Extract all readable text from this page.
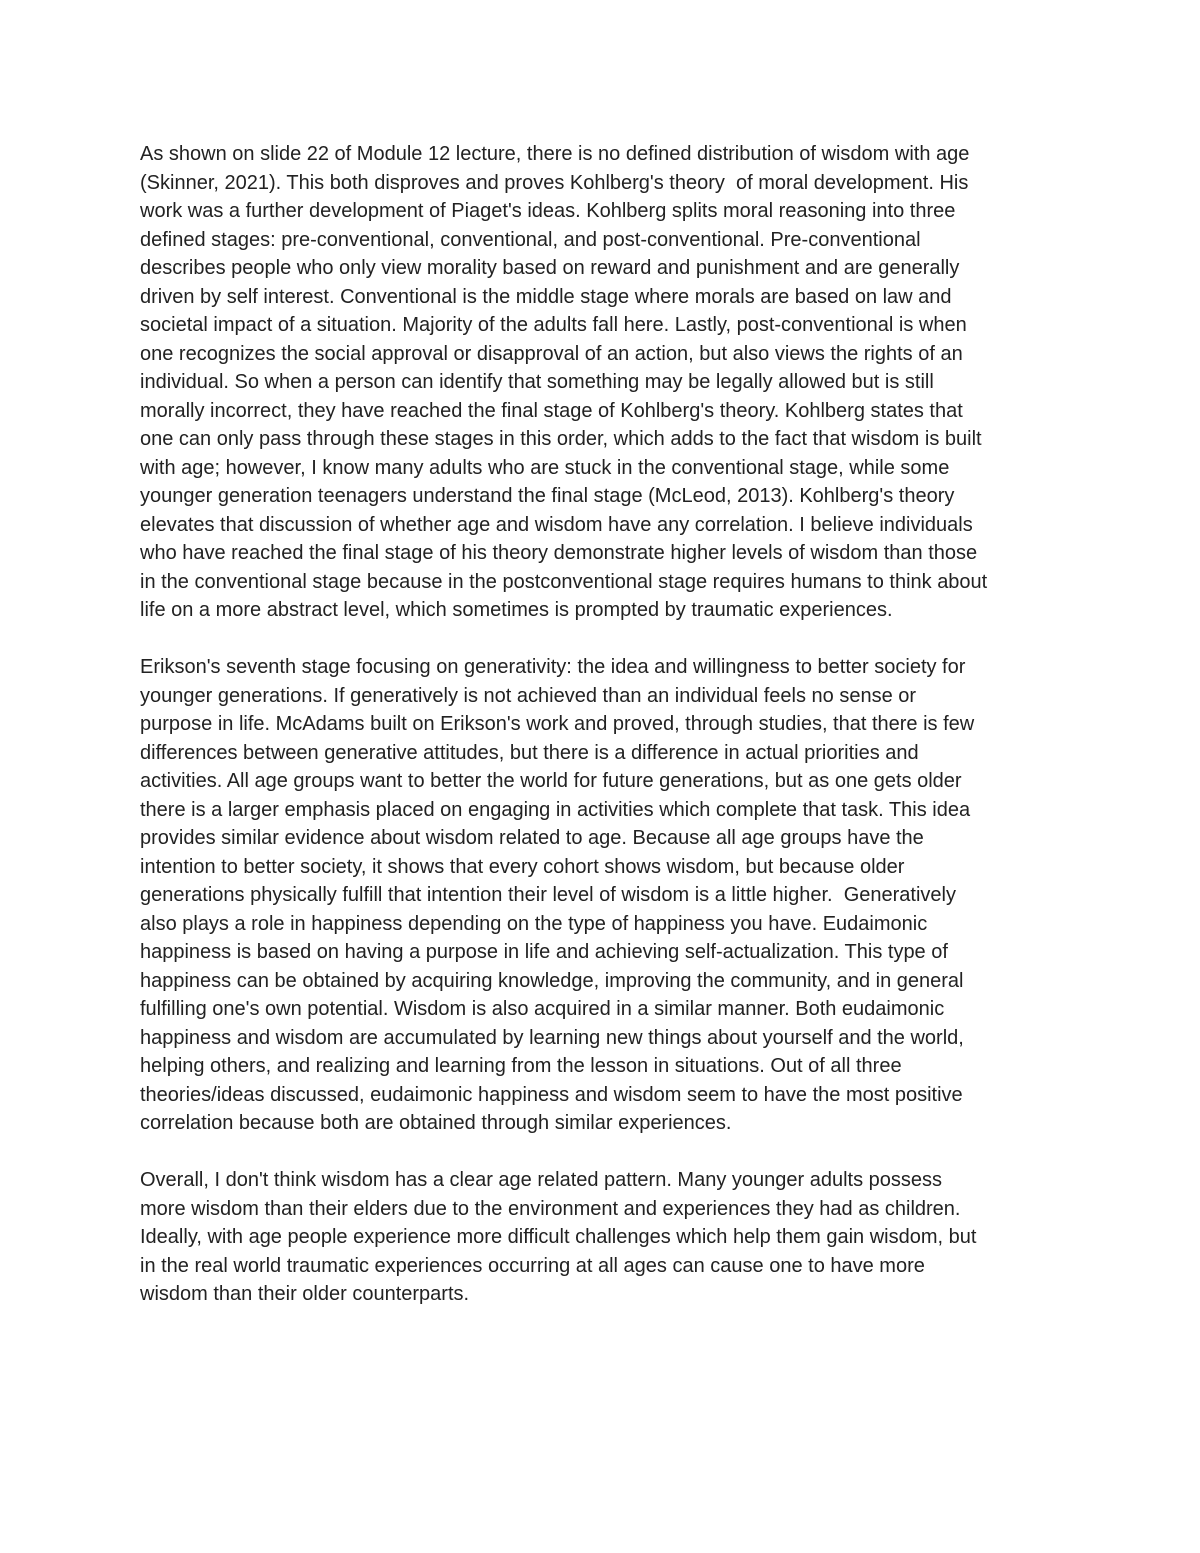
As shown on slide 22 of Module 12 lecture, there is no defined distribution of wisdom with age
(Skinner, 2021). This both disproves and proves Kohlberg's theory  of moral development. His
work was a further development of Piaget's ideas. Kohlberg splits moral reasoning into three
defined stages: pre-conventional, conventional, and post-conventional. Pre-conventional
describes people who only view morality based on reward and punishment and are generally
driven by self interest. Conventional is the middle stage where morals are based on law and
societal impact of a situation. Majority of the adults fall here. Lastly, post-conventional is when
one recognizes the social approval or disapproval of an action, but also views the rights of an
individual. So when a person can identify that something may be legally allowed but is still
morally incorrect, they have reached the final stage of Kohlberg's theory. Kohlberg states that
one can only pass through these stages in this order, which adds to the fact that wisdom is built
with age; however, I know many adults who are stuck in the conventional stage, while some
younger generation teenagers understand the final stage (McLeod, 2013). Kohlberg's theory
elevates that discussion of whether age and wisdom have any correlation. I believe individuals
who have reached the final stage of his theory demonstrate higher levels of wisdom than those
in the conventional stage because in the postconventional stage requires humans to think about
life on a more abstract level, which sometimes is prompted by traumatic experiences.
Erikson's seventh stage focusing on generativity: the idea and willingness to better society for
younger generations. If generatively is not achieved than an individual feels no sense or
purpose in life. McAdams built on Erikson's work and proved, through studies, that there is few
differences between generative attitudes, but there is a difference in actual priorities and
activities. All age groups want to better the world for future generations, but as one gets older
there is a larger emphasis placed on engaging in activities which complete that task. This idea
provides similar evidence about wisdom related to age. Because all age groups have the
intention to better society, it shows that every cohort shows wisdom, but because older
generations physically fulfill that intention their level of wisdom is a little higher.  Generatively
also plays a role in happiness depending on the type of happiness you have. Eudaimonic
happiness is based on having a purpose in life and achieving self-actualization. This type of
happiness can be obtained by acquiring knowledge, improving the community, and in general
fulfilling one's own potential. Wisdom is also acquired in a similar manner. Both eudaimonic
happiness and wisdom are accumulated by learning new things about yourself and the world,
helping others, and realizing and learning from the lesson in situations. Out of all three
theories/ideas discussed, eudaimonic happiness and wisdom seem to have the most positive
correlation because both are obtained through similar experiences.
Overall, I don't think wisdom has a clear age related pattern. Many younger adults possess
more wisdom than their elders due to the environment and experiences they had as children.
Ideally, with age people experience more difficult challenges which help them gain wisdom, but
in the real world traumatic experiences occurring at all ages can cause one to have more
wisdom than their older counterparts.
